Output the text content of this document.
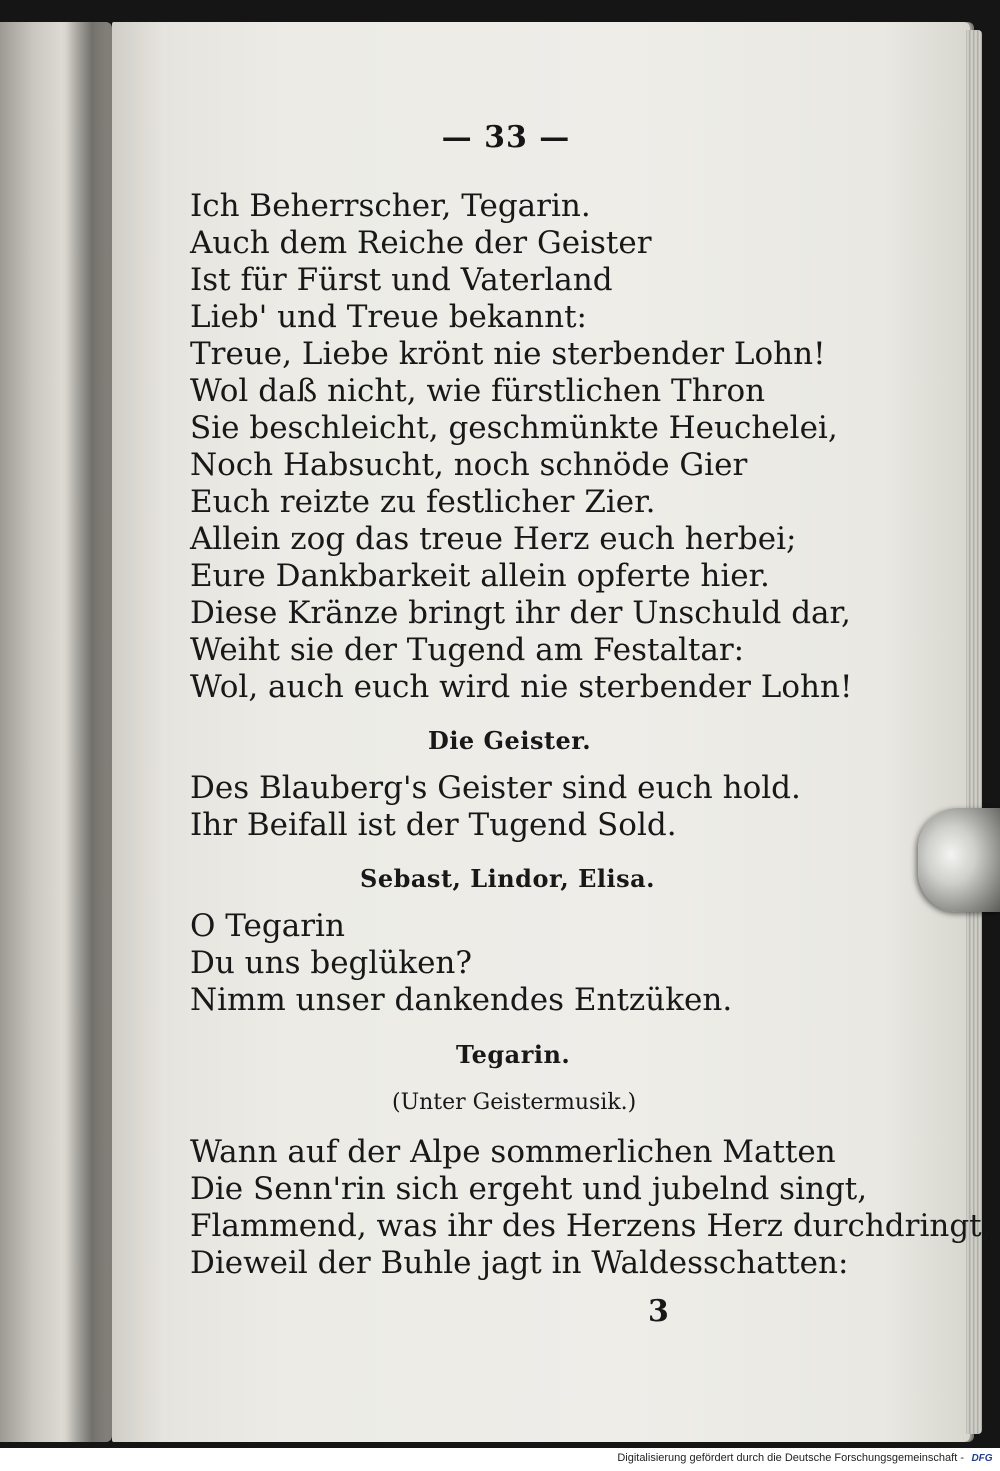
— 33 —
Ich Beherrscher, Tegarin.
Auch dem Reiche der Geister
Ist für Fürst und Vaterland
Lieb' und Treue bekannt:
Treue, Liebe krönt nie sterbender Lohn!
Wol daß nicht, wie fürstlichen Thron
Sie beschleicht, geschmünkte Heuchelei,
Noch Habsucht, noch schnöde Gier
Euch reizte zu festlicher Zier.
Allein zog das treue Herz euch herbei;
Eure Dankbarkeit allein opferte hier.
Diese Kränze bringt ihr der Unschuld dar,
Weiht sie der Tugend am Festaltar:
Wol, auch euch wird nie sterbender Lohn!
Die Geister.
Des Blauberg's Geister sind euch hold.
Ihr Beifall ist der Tugend Sold.
Sebast, Lindor, Elisa.
O Tegarin
Du uns beglüken?
Nimm unser dankendes Entzüken.
Tegarin.
(Unter Geistermusik.)
Wann auf der Alpe sommerlichen Matten
Die Senn'rin sich ergeht und jubelnd singt,
Flammend, was ihr des Herzens Herz durchdringt,
Dieweil der Buhle jagt in Waldesschatten:
3
Digitalisierung gefördert durch die Deutsche Forschungsgemeinschaft - DFG
